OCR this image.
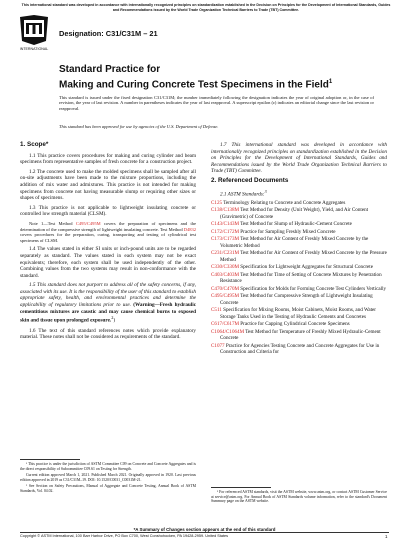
This international standard was developed in accordance with internationally recognized principles on standardization established in the Decision on Principles for the Development of International Standards, Guides and Recommendations issued by the World Trade Organization Technical Barriers to Trade (TBT) Committee.
INTERNATIONAL
Designation: C31/C31M – 21
Standard Practice for
Making and Curing Concrete Test Specimens in the Field$^1$
This standard is issued under the fixed designation C31/C31M; the number immediately following the designation indicates the year of original adoption or, in the case of revision, the year of last revision. A number in parentheses indicates the year of last reapproval. A superscript epsilon (ε) indicates an editorial change since the last revision or reapproval.
This standard has been approved for use by agencies of the U.S. Department of Defense.
1. Scope*

1.1 This practice covers procedures for making and curing cylinder and beam specimens from representative samples of fresh concrete for a construction project.

1.2 The concrete used to make the molded specimens shall be sampled after all on-site adjustments have been made to the mixture proportions, including the addition of mix water and admixtures. This practice is not intended for making specimens from concrete not having measurable slump or requiring other sizes or shapes of specimens.

1.3 This practice is not applicable to lightweight insulating concrete or controlled low strength material (CLSM).

Note 1—Test Method C495/C495M covers the preparation of specimens and the determination of the compressive strength of lightweight insulating concrete. Test Method D4832 covers procedures for the preparation, curing, transporting and testing of cylindrical test specimens of CLSM.

1.4 The values stated in either SI units or inch-pound units are to be regarded separately as standard. The values stated in each system may not be exact equivalents; therefore, each system shall be used independently of the other. Combining values from the two systems may result in non-conformance with the standard.

1.5 This standard does not purport to address all of the safety concerns, if any, associated with its use. It is the responsibility of the user of this standard to establish appropriate safety, health, and environmental practices and determine the applicability of regulatory limitations prior to use. (Warning—Fresh hydraulic cementitious mixtures are caustic and may cause chemical burns to exposed skin and tissue upon prolonged exposure.$^2$)

1.6 The text of this standard references notes which provide explanatory material. These notes shall not be considered as requirements of the standard.

1.7 This international standard was developed in accordance with internationally recognized principles on standardization established in the Decision on Principles for the Development of International Standards, Guides and Recommendations issued by the World Trade Organization Technical Barriers to Trade (TBT) Committee.

2. Referenced Documents

2.1 ASTM Standards:$^3$

C125 Terminology Relating to Concrete and Concrete Aggregates
C138/C138M Test Method for Density (Unit Weight), Yield, and Air Content (Gravimetric) of Concrete
C143/C143M Test Method for Slump of Hydraulic-Cement Concrete
C172/C172M Practice for Sampling Freshly Mixed Concrete
C173/C173M Test Method for Air Content of Freshly Mixed Concrete by the Volumetric Method
C231/C231M Test Method for Air Content of Freshly Mixed Concrete by the Pressure Method
C330/C330M Specification for Lightweight Aggregates for Structural Concrete
C403/C403M Test Method for Time of Setting of Concrete Mixtures by Penetration Resistance
C470/C470M Specification for Molds for Forming Concrete Test Cylinders Vertically
C495/C495M Test Method for Compressive Strength of Lightweight Insulating Concrete
C511 Specification for Mixing Rooms, Moist Cabinets, Moist Rooms, and Water Storage Tanks Used in the Testing of Hydraulic Cements and Concretes
C617/C617M Practice for Capping Cylindrical Concrete Specimens
C1064/C1064M Test Method for Temperature of Freshly Mixed Hydraulic-Cement Concrete
C1077 Practice for Agencies Testing Concrete and Concrete Aggregates for Use in Construction and Criteria for

¹ This practice is under the jurisdiction of ASTM Committee C09 on Concrete and Concrete Aggregates and is the direct responsibility of Subcommittee C09.61 on Testing for Strength.

Current edition approved March 1, 2021. Published March 2021. Originally approved in 1920. Last previous edition approved in 2019 as C31/C31M–19. DOI: 10.1520/C0031_C0031M-21.

² See Section on Safety Precautions, Manual of Aggregate and Concrete Testing, Annual Book of ASTM Standards, Vol. 04.02.	³ For referenced ASTM standards, visit the ASTM website, www.astm.org, or contact ASTM Customer Service at service@astm.org. For Annual Book of ASTM Standards volume information, refer to the standard's Document Summary page on the ASTM website.

*A Summary of Changes section appears at the end of this standard
Copyright © ASTM International, 100 Barr Harbor Drive, PO Box C700, West Conshohocken, PA 19428-2959. United States	1
